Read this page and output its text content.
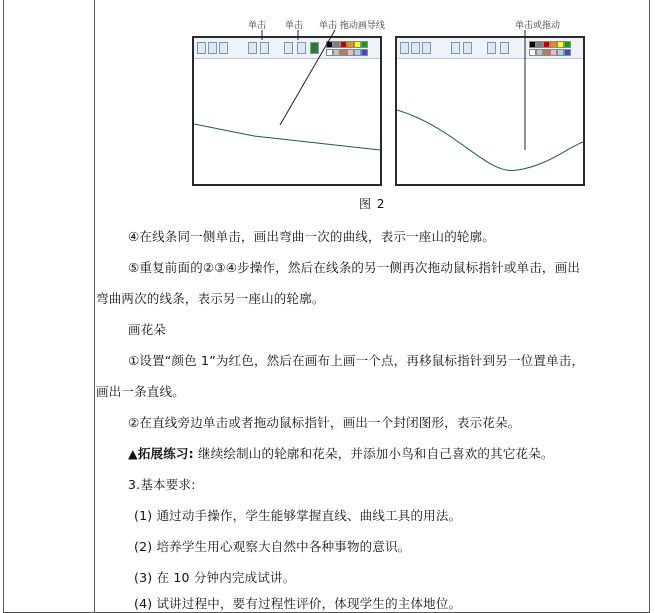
单击 单击 单击 拖动画导线	单击或拖动
图 2
④在线条同一侧单击，画出弯曲一次的曲线，表示一座山的轮廓。
⑤重复前面的②③④步操作，然后在线条的另一侧再次拖动鼠标指针或单击，画出
弯曲两次的线条，表示另一座山的轮廓。
画花朵
①设置“颜色 1”为红色，然后在画布上画一个点，再移鼠标指针到另一位置单击，
画出一条直线。
②在直线旁边单击或者拖动鼠标指针，画出一个封闭图形，表示花朵。
▲拓展练习: 继续绘制山的轮廓和花朵，并添加小鸟和自己喜欢的其它花朵。
3.基本要求:
(1) 通过动手操作，学生能够掌握直线、曲线工具的用法。
(2) 培养学生用心观察大自然中各种事物的意识。
(3) 在 10 分钟内完成试讲。
(4) 试讲过程中，要有过程性评价，体现学生的主体地位。
